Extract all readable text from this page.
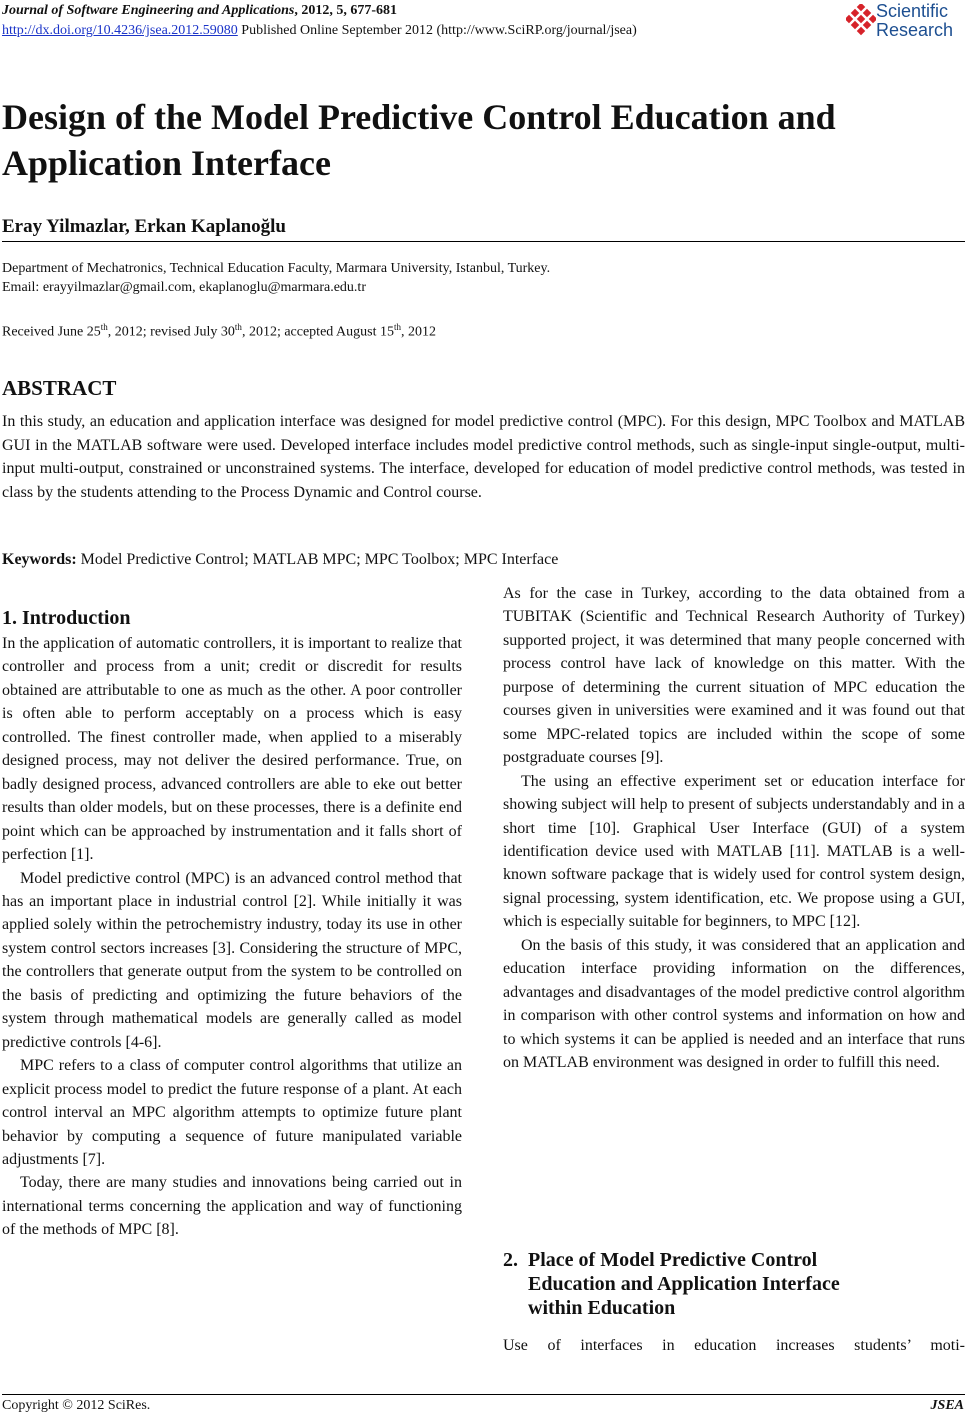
Journal of Software Engineering and Applications, 2012, 5, 677-681
http://dx.doi.org/10.4236/jsea.2012.59080 Published Online September 2012 (http://www.SciRP.org/journal/jsea)
Scientific
Research
Design of the Model Predictive Control Education and
Application Interface
Eray Yilmazlar, Erkan Kaplanoğlu
Department of Mechatronics, Technical Education Faculty, Marmara University, Istanbul, Turkey.
Email: erayyilmazlar@gmail.com, ekaplanoglu@marmara.edu.tr
Received June 25th, 2012; revised July 30th, 2012; accepted August 15th, 2012
ABSTRACT

In this study, an education and application interface was designed for model predictive control (MPC). For this design, MPC Toolbox and MATLAB GUI in the MATLAB software were used. Developed interface includes model predictive control methods, such as single-input single-output, multi-input multi-output, constrained or unconstrained systems. The interface, developed for education of model predictive control methods, was tested in class by the students attending to the Process Dynamic and Control course.

Keywords: Model Predictive Control; MATLAB MPC; MPC Toolbox; MPC Interface
1. Introduction

In the application of automatic controllers, it is important to realize that controller and process from a unit; credit or discredit for results obtained are attributable to one as much as the other. A poor controller is often able to perform acceptably on a process which is easy controlled. The finest controller made, when applied to a miserably designed process, may not deliver the desired performance. True, on badly designed process, advanced controllers are able to eke out better results than older models, but on these processes, there is a definite end point which can be approached by instrumentation and it falls short of perfection [1].

Model predictive control (MPC) is an advanced control method that has an important place in industrial control [2]. While initially it was applied solely within the petrochemistry industry, today its use in other system control sectors increases [3]. Considering the structure of MPC, the controllers that generate output from the system to be controlled on the basis of predicting and optimizing the future behaviors of the system through mathematical models are generally called as model predictive controls [4-6].

MPC refers to a class of computer control algorithms that utilize an explicit process model to predict the future response of a plant. At each control interval an MPC algorithm attempts to optimize future plant behavior by computing a sequence of future manipulated variable adjustments [7].

Today, there are many studies and innovations being carried out in international terms concerning the application and way of functioning of the methods of MPC [8].

As for the case in Turkey, according to the data obtained from a TUBITAK (Scientific and Technical Research Authority of Turkey) supported project, it was determined that many people concerned with process control have lack of knowledge on this matter. With the purpose of determining the current situation of MPC education the courses given in universities were examined and it was found out that some MPC-related topics are included within the scope of some postgraduate courses [9].

The using an effective experiment set or education interface for showing subject will help to present of subjects understandably and in a short time [10]. Graphical User Interface (GUI) of a system identification device used with MATLAB [11]. MATLAB is a well-known software package that is widely used for control system design, signal processing, system identification, etc. We propose using a GUI, which is especially suitable for beginners, to MPC [12].

On the basis of this study, it was considered that an application and education interface providing information on the differences, advantages and disadvantages of the model predictive control algorithm in comparison with other control systems and information on how and to which systems it can be applied is needed and an interface that runs on MATLAB environment was designed in order to fulfill this need.

2. Place of Model Predictive Control
Education and Application Interface
within Education

Use of interfaces in education increases students’ moti-

Copyright © 2012 SciRes.	JSEA
